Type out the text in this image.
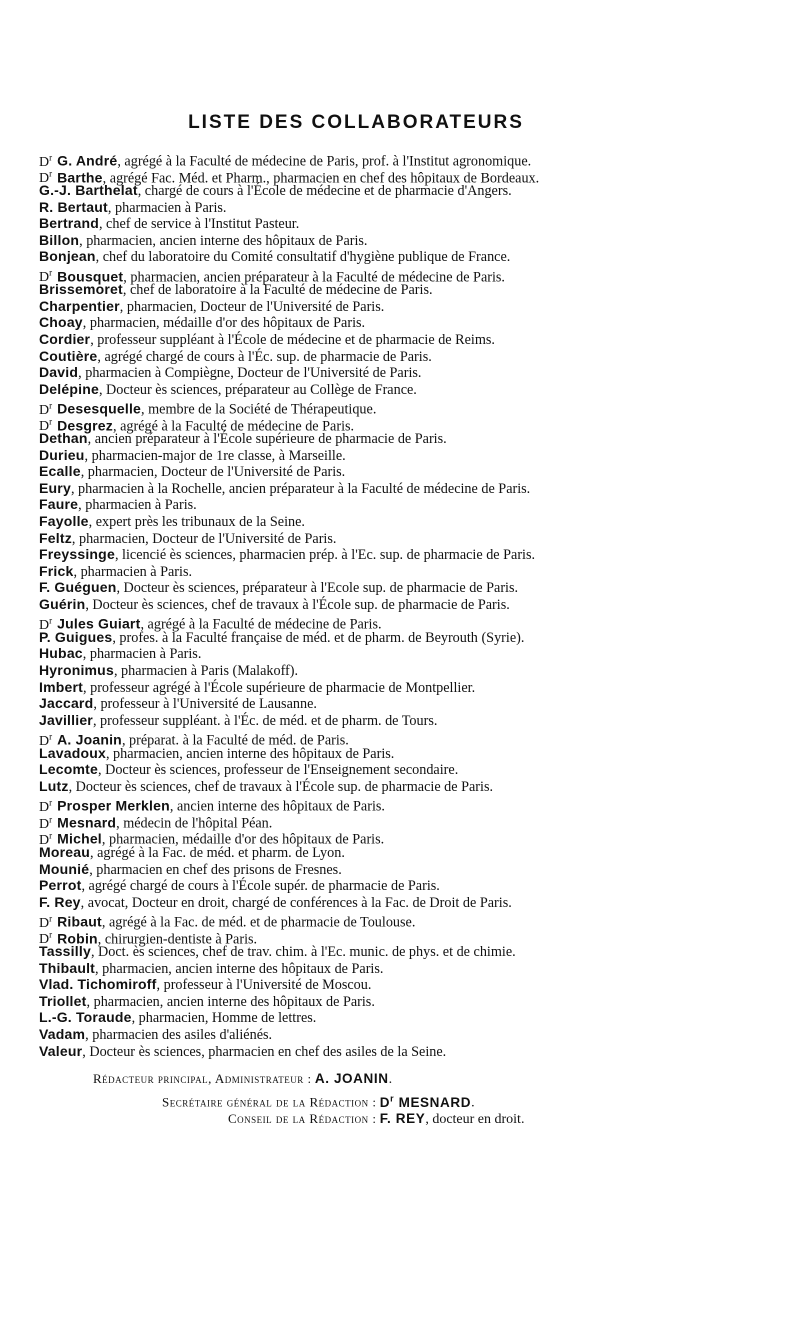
LISTE DES COLLABORATEURS
$D^r$ G. André, agrégé à la Faculté de médecine de Paris, prof. à l'Institut agronomique.
$D^r$ Barthe, agrégé Fac. Méd. et Pharm., pharmacien en chef des hôpitaux de Bordeaux.
G.-J. Barthelat, chargé de cours à l'École de médecine et de pharmacie d'Angers.
R. Bertaut, pharmacien à Paris.
Bertrand, chef de service à l'Institut Pasteur.
Billon, pharmacien, ancien interne des hôpitaux de Paris.
Bonjean, chef du laboratoire du Comité consultatif d'hygiène publique de France.
$D^r$ Bousquet, pharmacien, ancien préparateur à la Faculté de médecine de Paris.
Brissemoret, chef de laboratoire à la Faculté de médecine de Paris.
Charpentier, pharmacien, Docteur de l'Université de Paris.
Choay, pharmacien, médaille d'or des hôpitaux de Paris.
Cordier, professeur suppléant à l'École de médecine et de pharmacie de Reims.
Coutière, agrégé chargé de cours à l'Éc. sup. de pharmacie de Paris.
David, pharmacien à Compiègne, Docteur de l'Université de Paris.
Delépine, Docteur ès sciences, préparateur au Collège de France.
$D^r$ Desesquelle, membre de la Société de Thérapeutique.
$D^r$ Desgrez, agrégé à la Faculté de médecine de Paris.
Dethan, ancien préparateur à l'École supérieure de pharmacie de Paris.
Durieu, pharmacien-major de 1re classe, à Marseille.
Ecalle, pharmacien, Docteur de l'Université de Paris.
Eury, pharmacien à la Rochelle, ancien préparateur à la Faculté de médecine de Paris.
Faure, pharmacien à Paris.
Fayolle, expert près les tribunaux de la Seine.
Feltz, pharmacien, Docteur de l'Université de Paris.
Freyssinge, licencié ès sciences, pharmacien prép. à l'Ec. sup. de pharmacie de Paris.
Frick, pharmacien à Paris.
F. Guéguen, Docteur ès sciences, préparateur à l'Ecole sup. de pharmacie de Paris.
Guérin, Docteur ès sciences, chef de travaux à l'École sup. de pharmacie de Paris.
$D^r$ Jules Guiart, agrégé à la Faculté de médecine de Paris.
P. Guigues, profes. à la Faculté française de méd. et de pharm. de Beyrouth (Syrie).
Hubac, pharmacien à Paris.
Hyronimus, pharmacien à Paris (Malakoff).
Imbert, professeur agrégé à l'École supérieure de pharmacie de Montpellier.
Jaccard, professeur à l'Université de Lausanne.
Javillier, professeur suppléant. à l'Éc. de méd. et de pharm. de Tours.
$D^r$ A. Joanin, préparat. à la Faculté de méd. de Paris.
Lavadoux, pharmacien, ancien interne des hôpitaux de Paris.
Lecomte, Docteur ès sciences, professeur de l'Enseignement secondaire.
Lutz, Docteur ès sciences, chef de travaux à l'École sup. de pharmacie de Paris.
$D^r$ Prosper Merklen, ancien interne des hôpitaux de Paris.
$D^r$ Mesnard, médecin de l'hôpital Péan.
$D^r$ Michel, pharmacien, médaille d'or des hôpitaux de Paris.
Moreau, agrégé à la Fac. de méd. et pharm. de Lyon.
Mounié, pharmacien en chef des prisons de Fresnes.
Perrot, agrégé chargé de cours à l'École supér. de pharmacie de Paris.
F. Rey, avocat, Docteur en droit, chargé de conférences à la Fac. de Droit de Paris.
$D^r$ Ribaut, agrégé à la Fac. de méd. et de pharmacie de Toulouse.
$D^r$ Robin, chirurgien-dentiste à Paris.
Tassilly, Doct. ès sciences, chef de trav. chim. à l'Ec. munic. de phys. et de chimie.
Thibault, pharmacien, ancien interne des hôpitaux de Paris.
Vlad. Tichomiroff, professeur à l'Université de Moscou.
Triollet, pharmacien, ancien interne des hôpitaux de Paris.
L.-G. Toraude, pharmacien, Homme de lettres.
Vadam, pharmacien des asiles d'aliénés.
Valeur, Docteur ès sciences, pharmacien en chef des asiles de la Seine.
Rédacteur principal, Administrateur : A. JOANIN.
Secrétaire général de la Rédaction : $D^r$ MESNARD.
Conseil de la Rédaction : F. REY, docteur en droit.
